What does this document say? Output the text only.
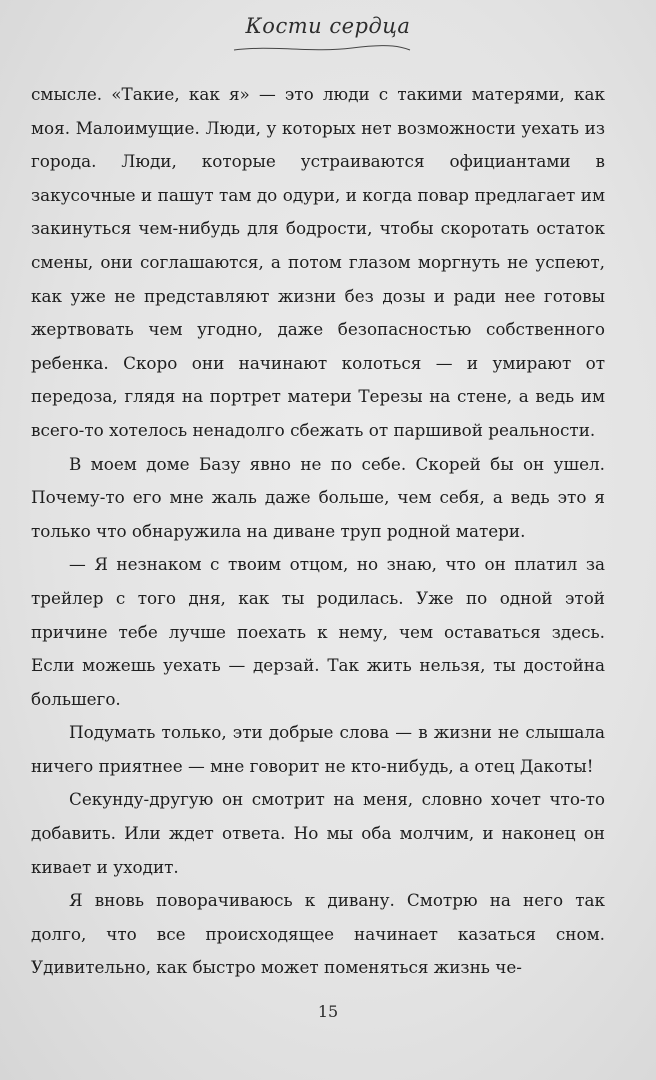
Кости сердца

смысле. «Такие, как я» — это люди с такими матерями, как моя. Малоимущие. Люди, у которых нет возможности уехать из города. Люди, которые устраиваются официантами в закусочные и пашут там до одури, и когда повар предлагает им закинуться чем-нибудь для бодрости, чтобы скоротать остаток смены, они соглашаются, а потом глазом моргнуть не успеют, как уже не представляют жизни без дозы и ради нее готовы жертвовать чем угодно, даже безопасностью собственного ребенка. Скоро они начинают колоться — и умирают от передоза, глядя на портрет матери Терезы на стене, а ведь им всего-то хотелось ненадолго сбежать от паршивой реальности.

В моем доме Базу явно не по себе. Скорей бы он ушел. Почему-то его мне жаль даже больше, чем себя, а ведь это я только что обнаружила на диване труп родной матери.

— Я незнаком с твоим отцом, но знаю, что он платил за трейлер с того дня, как ты родилась. Уже по одной этой причине тебе лучше поехать к нему, чем оставаться здесь. Если можешь уехать — дерзай. Так жить нельзя, ты достойна большего.

Подумать только, эти добрые слова — в жизни не слышала ничего приятнее — мне говорит не кто-нибудь, а отец Дакоты!

Секунду-другую он смотрит на меня, словно хочет что-то добавить. Или ждет ответа. Но мы оба молчим, и наконец он кивает и уходит.

Я вновь поворачиваюсь к дивану. Смотрю на него так долго, что все происходящее начинает казаться сном. Удивительно, как быстро может поменяться жизнь че-

15
